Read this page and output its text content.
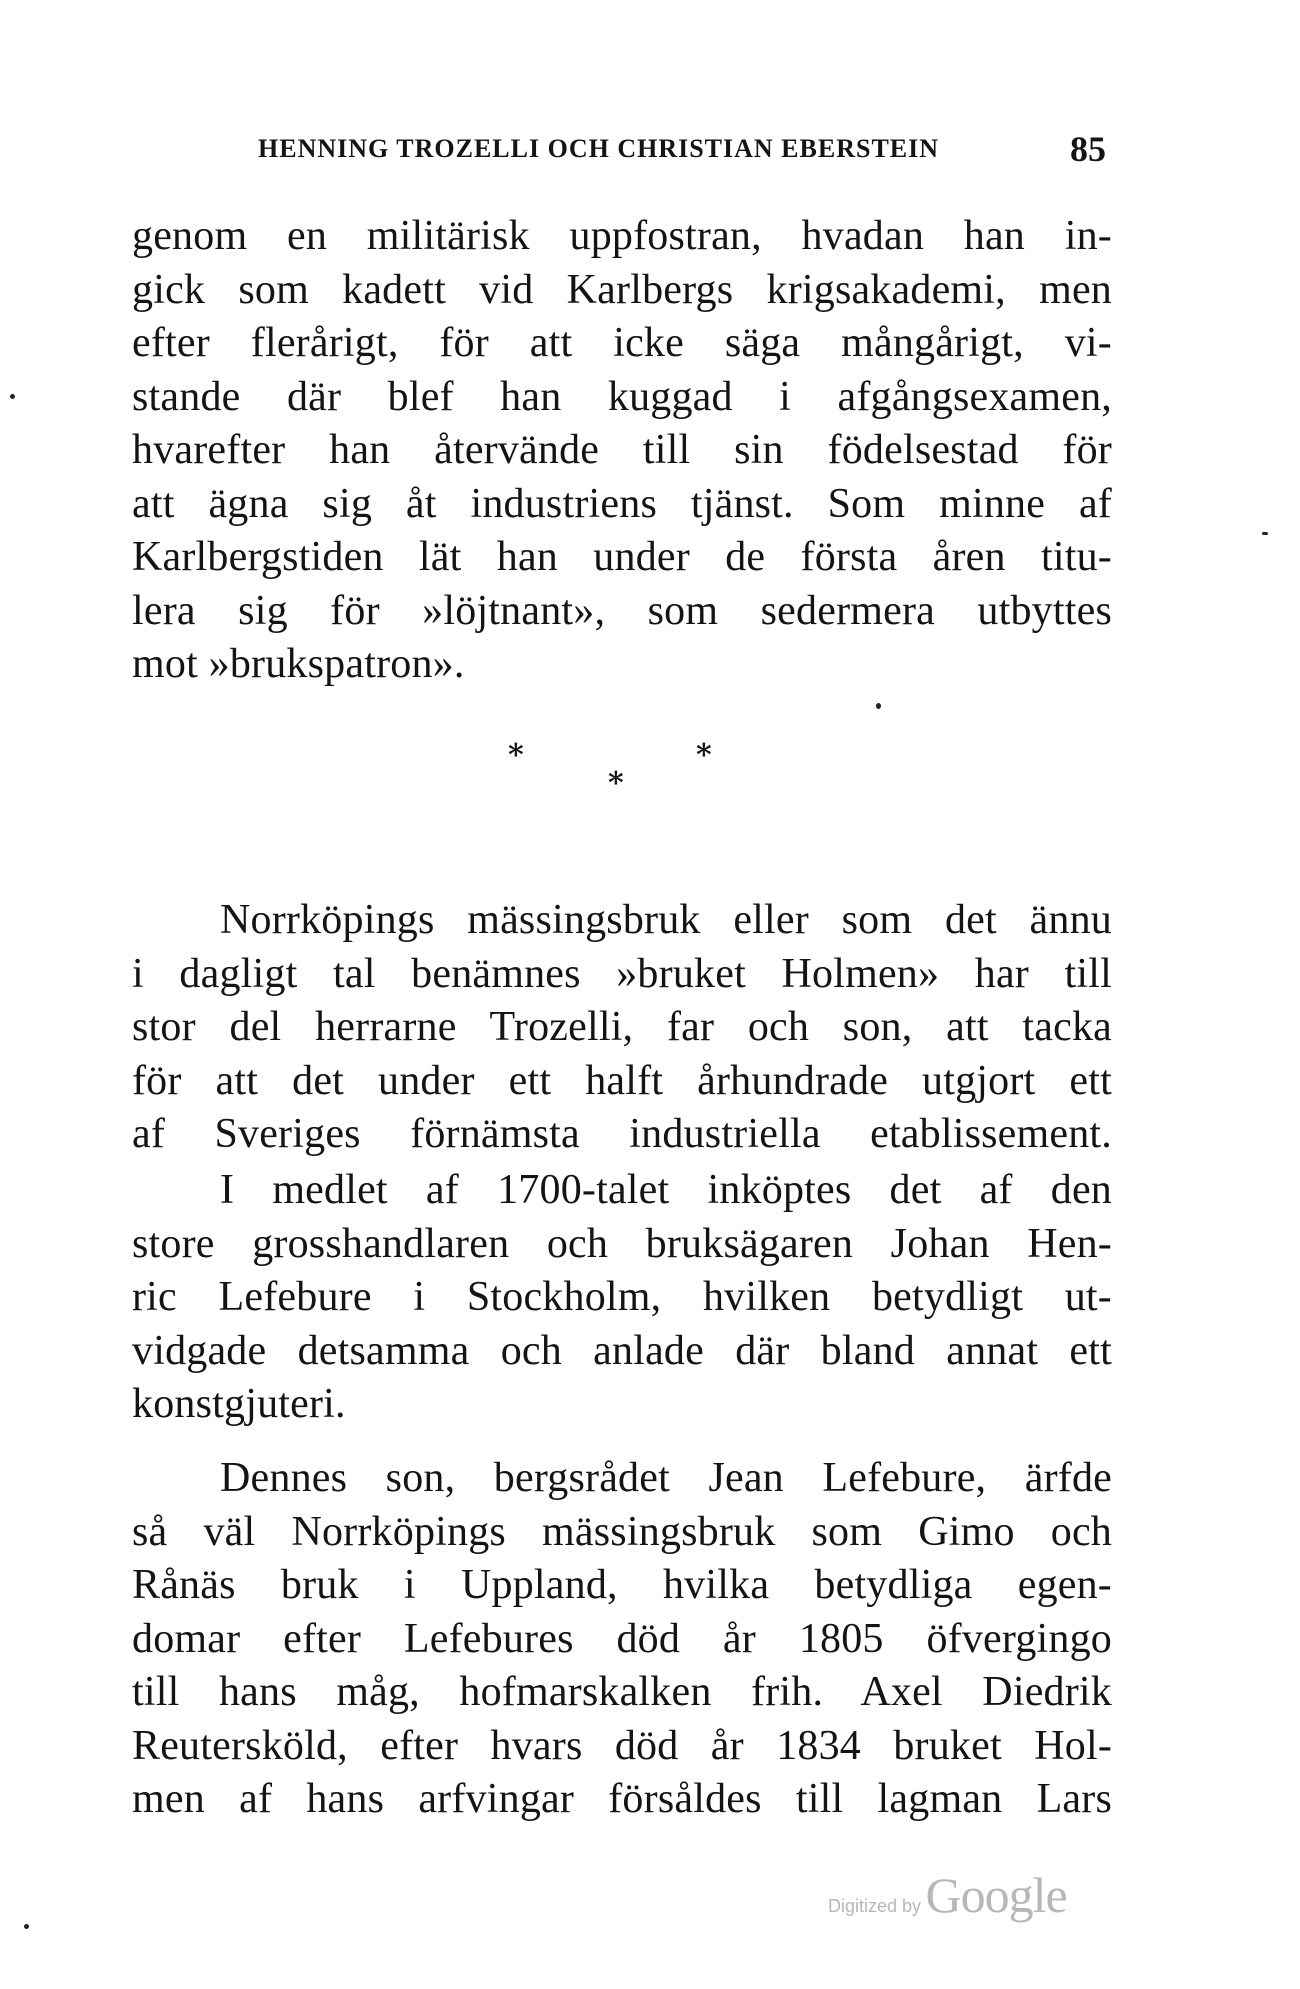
HENNING TROZELLI OCH CHRISTIAN EBERSTEIN	85
genom en militärisk uppfostran, hvadan han in-
gick som kadett vid Karlbergs krigsakademi, men
efter flerårigt, för att icke säga mångårigt, vi-
stande där blef han kuggad i afgångsexamen,
hvarefter han återvände till sin födelsestad för
att ägna sig åt industriens tjänst. Som minne af
Karlbergstiden lät han under de första åren titu-
lera sig för »löjtnant», som sedermera utbyttes
mot »brukspatron».
*
*
*
Norrköpings mässingsbruk eller som det ännu
i dagligt tal benämnes »bruket Holmen» har till
stor del herrarne Trozelli, far och son, att tacka
för att det under ett halft århundrade utgjort ett
af Sveriges förnämsta industriella etablissement.
I medlet af 1700-talet inköptes det af den
store grosshandlaren och bruksägaren Johan Hen-
ric Lefebure i Stockholm, hvilken betydligt ut-
vidgade detsamma och anlade där bland annat ett
konstgjuteri.
Dennes son, bergsrådet Jean Lefebure, ärfde
så väl Norrköpings mässingsbruk som Gimo och
Rånäs bruk i Uppland, hvilka betydliga egen-
domar efter Lefebures död år 1805 öfvergingo
till hans måg, hofmarskalken frih. Axel Diedrik
Reutersköld, efter hvars död år 1834 bruket Hol-
men af hans arfvingar försåldes till lagman Lars
Digitized by Google
